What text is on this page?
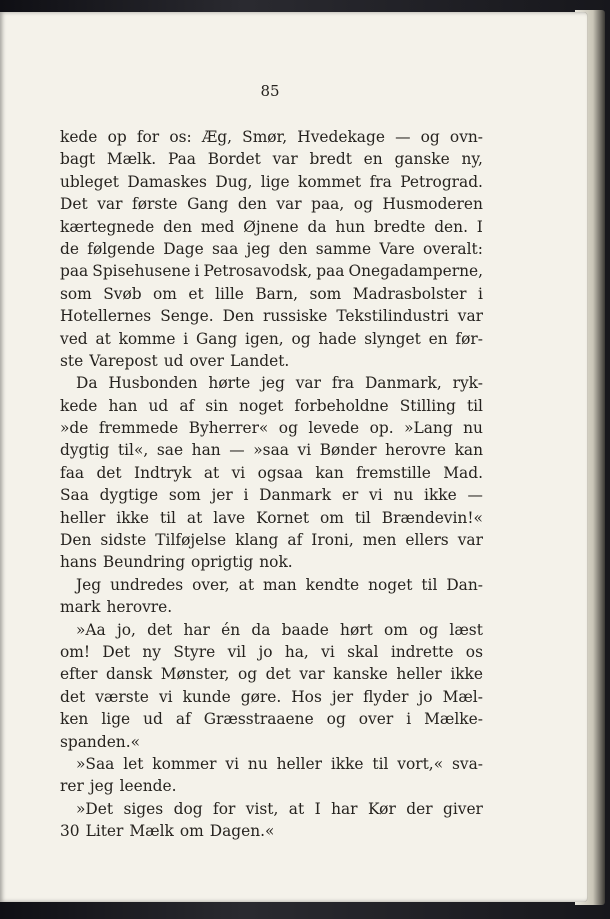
85
kede op for os: Æg, Smør, Hvedekage — og ovn-
bagt Mælk. Paa Bordet var bredt en ganske ny,
ubleget Damaskes Dug, lige kommet fra Petrograd.
Det var første Gang den var paa, og Husmoderen
kærtegnede den med Øjnene da hun bredte den. I
de følgende Dage saa jeg den samme Vare overalt:
paa Spisehusene i Petrosavodsk, paa Onegadamperne,
som Svøb om et lille Barn, som Madrasbolster i
Hotellernes Senge. Den russiske Tekstilindustri var
ved at komme i Gang igen, og hade slynget en før-
ste Varepost ud over Landet.
Da Husbonden hørte jeg var fra Danmark, ryk-
kede han ud af sin noget forbeholdne Stilling til
»de fremmede Byherrer« og levede op. »Lang nu
dygtig til«, sae han — »saa vi Bønder herovre kan
faa det Indtryk at vi ogsaa kan fremstille Mad.
Saa dygtige som jer i Danmark er vi nu ikke —
heller ikke til at lave Kornet om til Brændevin!«
Den sidste Tilføjelse klang af Ironi, men ellers var
hans Beundring oprigtig nok.
Jeg undredes over, at man kendte noget til Dan-
mark herovre.
»Aa jo, det har én da baade hørt om og læst
om! Det ny Styre vil jo ha, vi skal indrette os
efter dansk Mønster, og det var kanske heller ikke
det værste vi kunde gøre. Hos jer flyder jo Mæl-
ken lige ud af Græsstraaene og over i Mælke-
spanden.«
»Saa let kommer vi nu heller ikke til vort,« sva-
rer jeg leende.
»Det siges dog for vist, at I har Kør der giver
30 Liter Mælk om Dagen.«
